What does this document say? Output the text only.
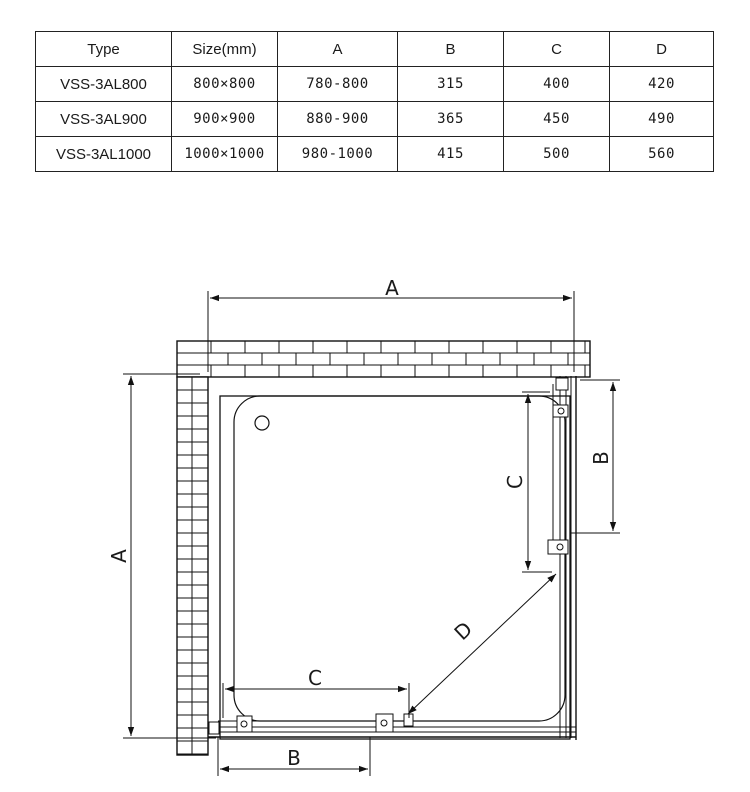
Type	Size(mm)	A	B	C	D
VSS-3AL800	800×800	780-800	315	400	420
VSS-3AL900	900×900	880-900	365	450	490
VSS-3AL1000	1000×1000	980-1000	415	500	560
A
A
B
B
C
C
D
